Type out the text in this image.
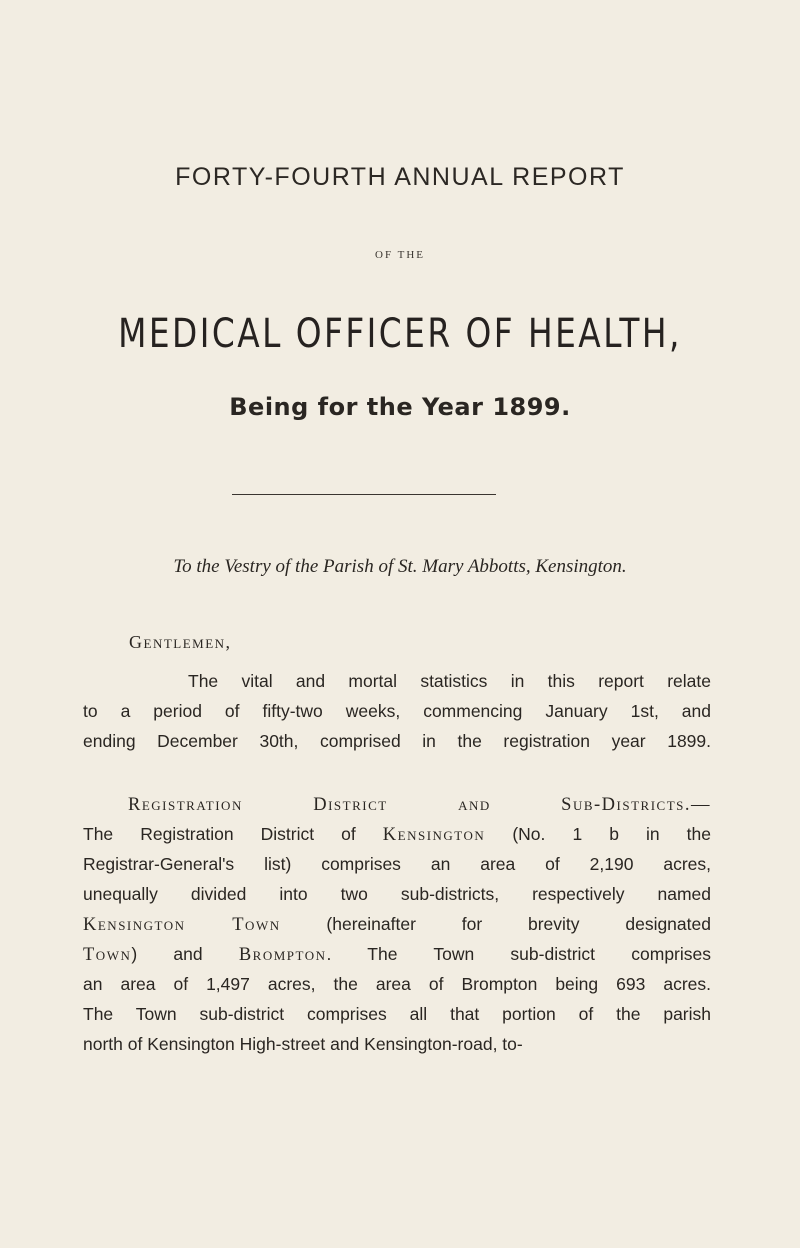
FORTY-FOURTH ANNUAL REPORT
OF THE
MEDICAL OFFICER OF HEALTH,
Being for the Year 1899.
To the Vestry of the Parish of St. Mary Abbotts, Kensington.
Gentlemen,
The vital and mortal statistics in this report relate
to a period of fifty-two weeks, commencing January 1st, and
ending December 30th, comprised in the registration year 1899.
Registration District and Sub-Districts.—
The Registration District of Kensington (No. 1 b in the
Registrar-General's list) comprises an area of 2,190 acres,
unequally divided into two sub-districts, respectively named
Kensington Town (hereinafter for brevity designated
Town) and Brompton. The Town sub-district comprises
an area of 1,497 acres, the area of Brompton being 693 acres.
The Town sub-district comprises all that portion of the parish
north of Kensington High-street and Kensington-road, to-
